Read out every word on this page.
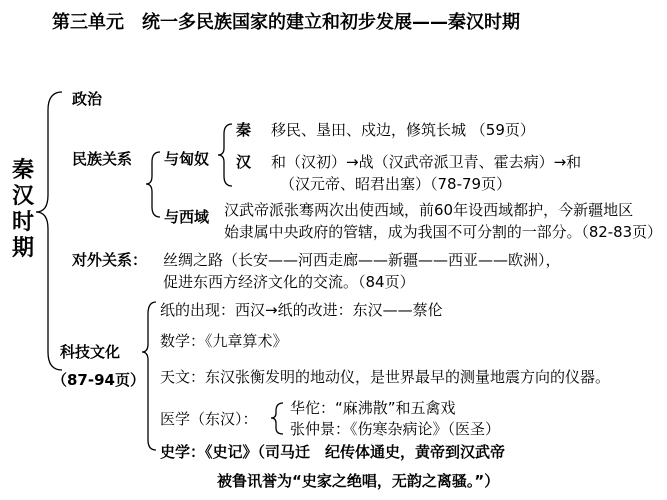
第三单元　统一多民族国家的建立和初步发展——秦汉时期
秦
汉
时
期
政治
民族关系 与匈奴
秦 移民、垦田、戍边，修筑长城 （59页）
汉 和（汉初）→战（汉武帝派卫青、霍去病）→和
（汉元帝、昭君出塞）（78-79页）
与西域 汉武帝派张骞两次出使西域，前60年设西域都护，今新疆地区
始隶属中央政府的管辖，成为我国不可分割的一部分。（82-83页）
对外关系： 丝绸之路（长安——河西走廊——新疆——西亚——欧洲），
促进东西方经济文化的交流。（84页）
科技文化
（87-94页）
纸的出现：西汉→纸的改进：东汉——蔡伦
数学：《九章算术》
天文：东汉张衡发明的地动仪，是世界最早的测量地震方向的仪器。
医学（东汉）：
华佗：“麻沸散”和五禽戏
张仲景：《伤寒杂病论》（医圣）
史学：《史记》（司马迁　纪传体通史，黄帝到汉武帝
被鲁讯誉为“史家之绝唱，无韵之离骚。”）
